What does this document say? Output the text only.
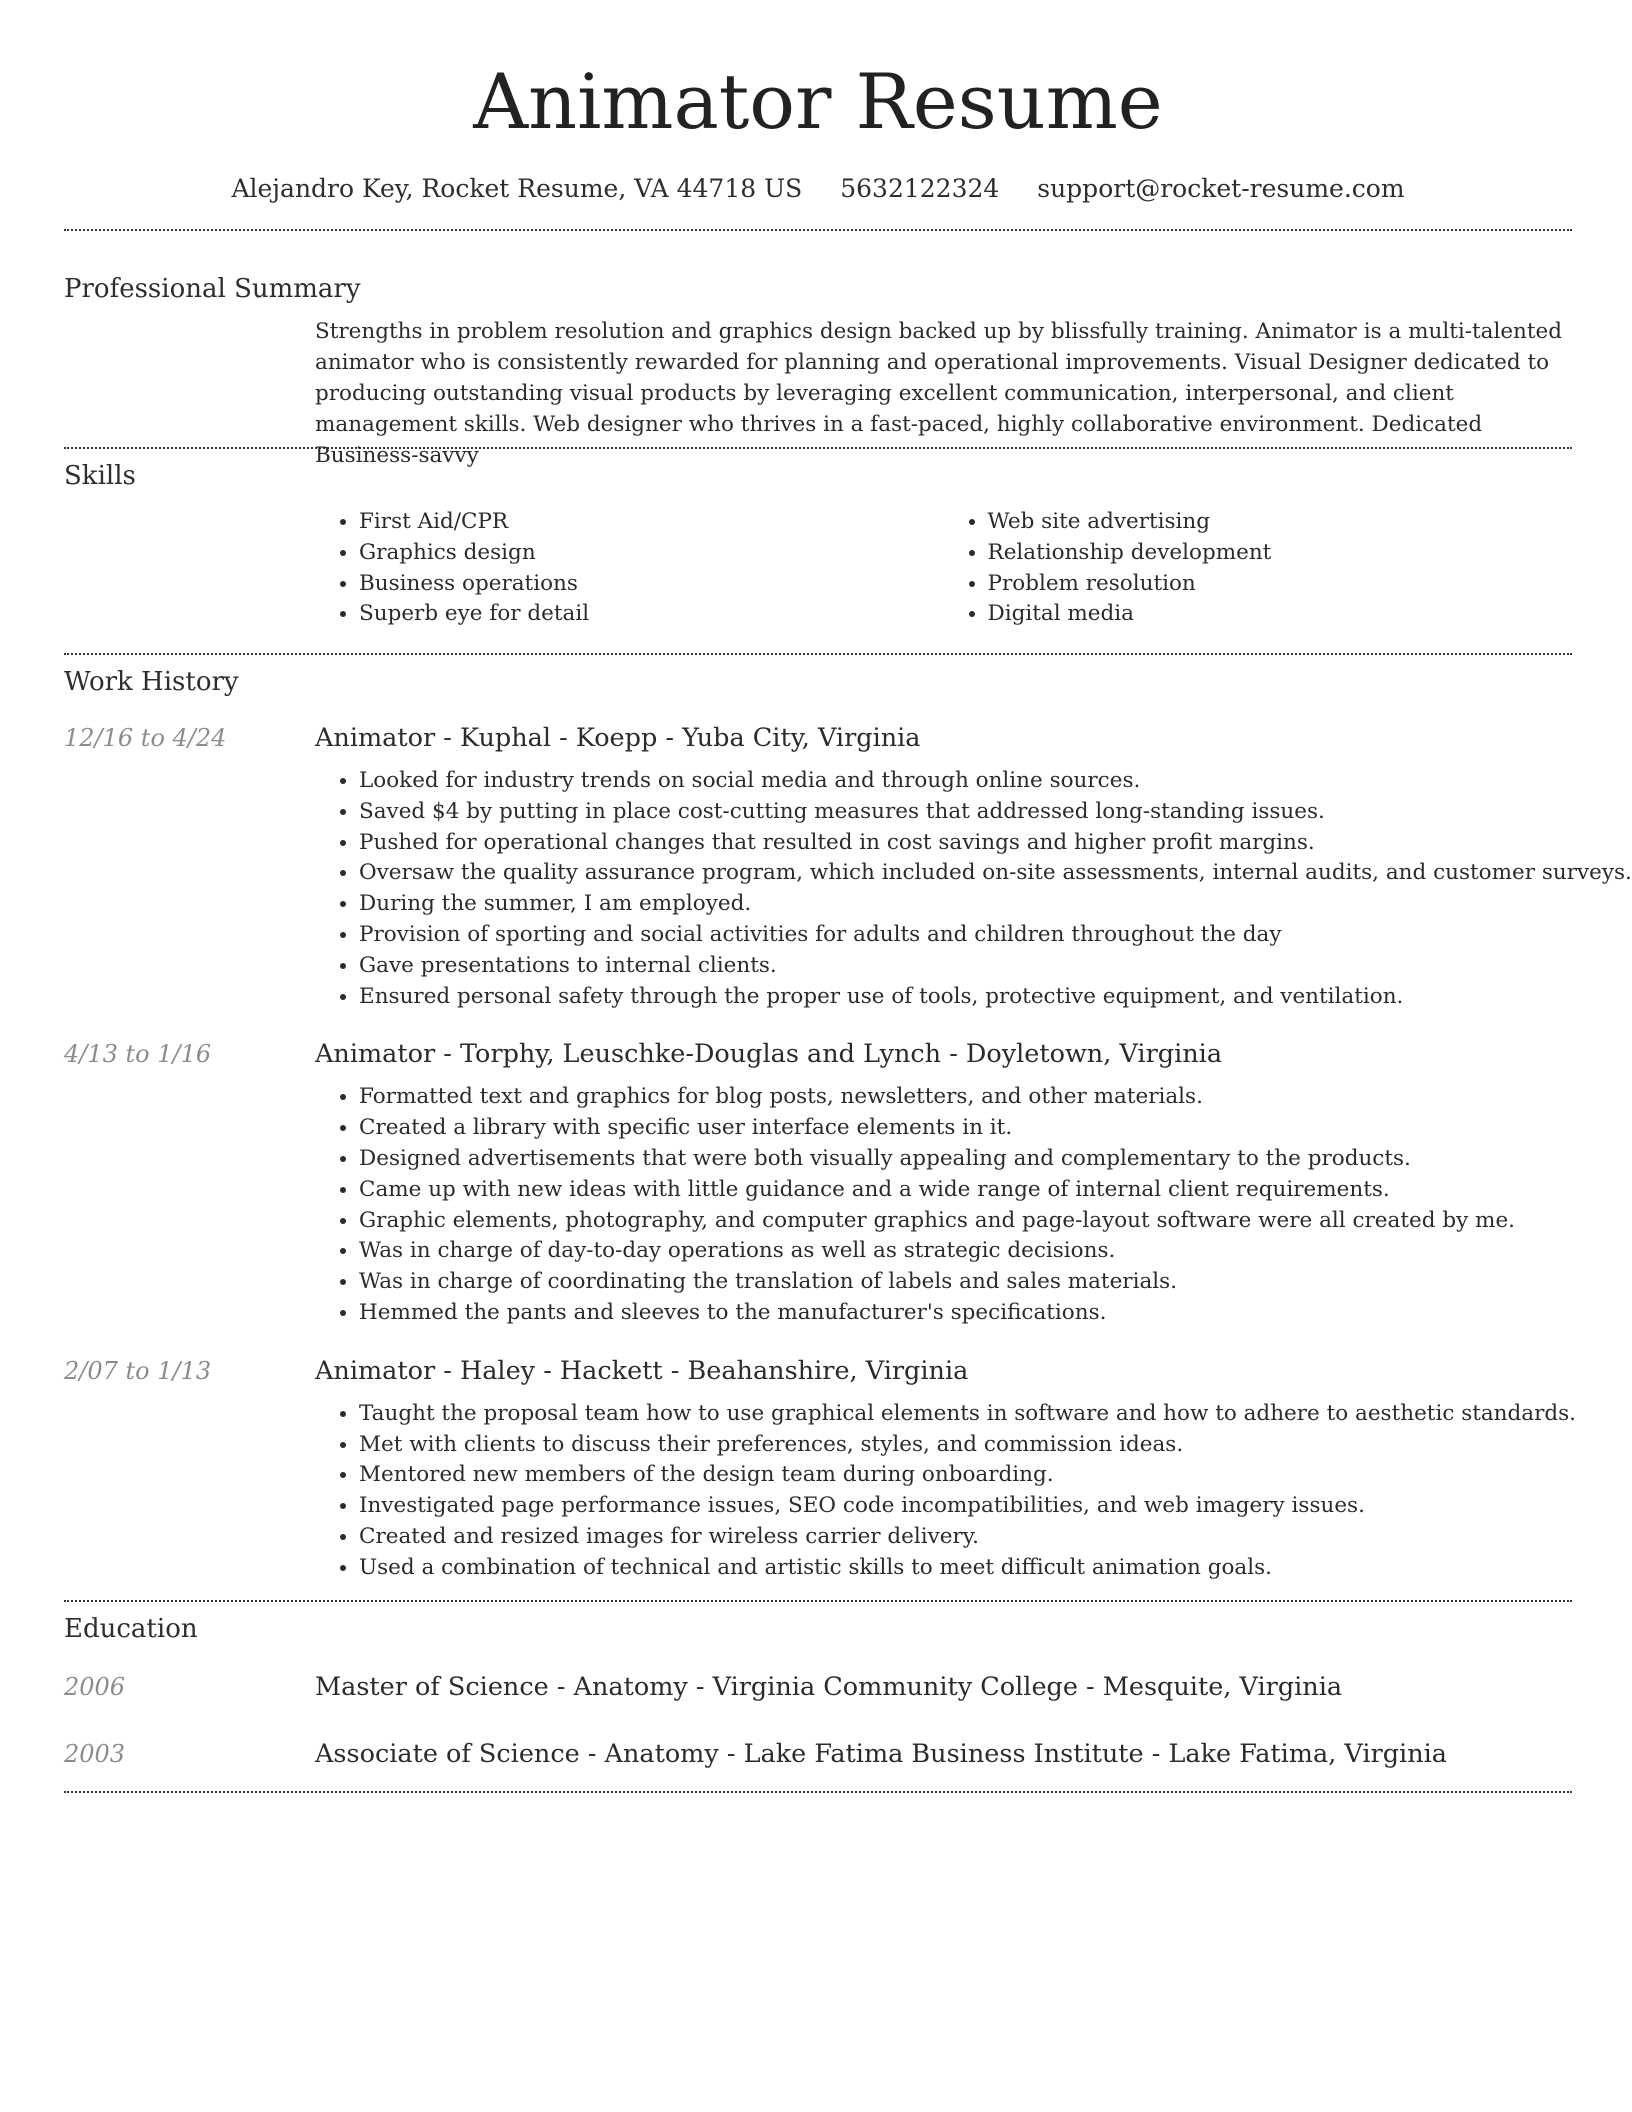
Animator Resume
Alejandro Key, Rocket Resume, VA 44718 US 5632122324 support@rocket-resume.com
Professional Summary
Strengths in problem resolution and graphics design backed up by blissfully training. Animator is a multi-talented animator who is consistently rewarded for planning and operational improvements. Visual Designer dedicated to producing outstanding visual products by leveraging excellent communication, interpersonal, and client management skills. Web designer who thrives in a fast-paced, highly collaborative environment. Dedicated Business-savvy
Skills
• First Aid/CPR
• Graphics design
• Business operations
• Superb eye for detail
• Web site advertising
• Relationship development
• Problem resolution
• Digital media
Work History
12/16 to 4/24	Animator - Kuphal - Koepp - Yuba City, Virginia
• Looked for industry trends on social media and through online sources.
• Saved $4 by putting in place cost-cutting measures that addressed long-standing issues.
• Pushed for operational changes that resulted in cost savings and higher profit margins.
• Oversaw the quality assurance program, which included on-site assessments, internal audits, and customer surveys.
• During the summer, I am employed.
• Provision of sporting and social activities for adults and children throughout the day
• Gave presentations to internal clients.
• Ensured personal safety through the proper use of tools, protective equipment, and ventilation.
4/13 to 1/16	Animator - Torphy, Leuschke-Douglas and Lynch - Doyletown, Virginia
• Formatted text and graphics for blog posts, newsletters, and other materials.
• Created a library with specific user interface elements in it.
• Designed advertisements that were both visually appealing and complementary to the products.
• Came up with new ideas with little guidance and a wide range of internal client requirements.
• Graphic elements, photography, and computer graphics and page-layout software were all created by me.
• Was in charge of day-to-day operations as well as strategic decisions.
• Was in charge of coordinating the translation of labels and sales materials.
• Hemmed the pants and sleeves to the manufacturer's specifications.
2/07 to 1/13	Animator - Haley - Hackett - Beahanshire, Virginia
• Taught the proposal team how to use graphical elements in software and how to adhere to aesthetic standards.
• Met with clients to discuss their preferences, styles, and commission ideas.
• Mentored new members of the design team during onboarding.
• Investigated page performance issues, SEO code incompatibilities, and web imagery issues.
• Created and resized images for wireless carrier delivery.
• Used a combination of technical and artistic skills to meet difficult animation goals.
Education
2006	Master of Science - Anatomy - Virginia Community College - Mesquite, Virginia
2003	Associate of Science - Anatomy - Lake Fatima Business Institute - Lake Fatima, Virginia
